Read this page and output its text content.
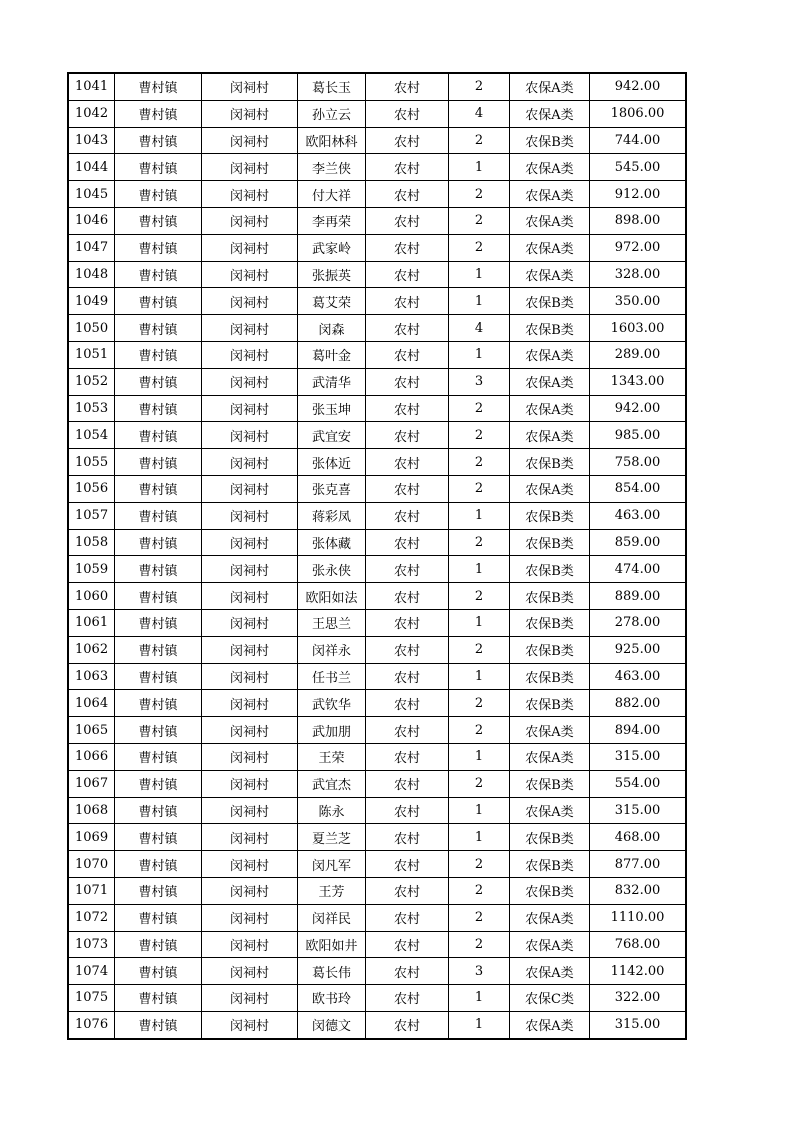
1041	曹村镇	闵祠村	葛长玉	农村	2	农保A类	942.00
1042	曹村镇	闵祠村	孙立云	农村	4	农保A类	1806.00
1043	曹村镇	闵祠村	欧阳林科	农村	2	农保B类	744.00
1044	曹村镇	闵祠村	李兰侠	农村	1	农保A类	545.00
1045	曹村镇	闵祠村	付大祥	农村	2	农保A类	912.00
1046	曹村镇	闵祠村	李再荣	农村	2	农保A类	898.00
1047	曹村镇	闵祠村	武家岭	农村	2	农保A类	972.00
1048	曹村镇	闵祠村	张振英	农村	1	农保A类	328.00
1049	曹村镇	闵祠村	葛艾荣	农村	1	农保B类	350.00
1050	曹村镇	闵祠村	闵森	农村	4	农保B类	1603.00
1051	曹村镇	闵祠村	葛叶金	农村	1	农保A类	289.00
1052	曹村镇	闵祠村	武清华	农村	3	农保A类	1343.00
1053	曹村镇	闵祠村	张玉坤	农村	2	农保A类	942.00
1054	曹村镇	闵祠村	武宜安	农村	2	农保A类	985.00
1055	曹村镇	闵祠村	张体近	农村	2	农保B类	758.00
1056	曹村镇	闵祠村	张克喜	农村	2	农保A类	854.00
1057	曹村镇	闵祠村	蒋彩凤	农村	1	农保B类	463.00
1058	曹村镇	闵祠村	张体藏	农村	2	农保B类	859.00
1059	曹村镇	闵祠村	张永侠	农村	1	农保B类	474.00
1060	曹村镇	闵祠村	欧阳如法	农村	2	农保B类	889.00
1061	曹村镇	闵祠村	王思兰	农村	1	农保B类	278.00
1062	曹村镇	闵祠村	闵祥永	农村	2	农保B类	925.00
1063	曹村镇	闵祠村	任书兰	农村	1	农保B类	463.00
1064	曹村镇	闵祠村	武钦华	农村	2	农保B类	882.00
1065	曹村镇	闵祠村	武加朋	农村	2	农保A类	894.00
1066	曹村镇	闵祠村	王荣	农村	1	农保A类	315.00
1067	曹村镇	闵祠村	武宜杰	农村	2	农保B类	554.00
1068	曹村镇	闵祠村	陈永	农村	1	农保A类	315.00
1069	曹村镇	闵祠村	夏兰芝	农村	1	农保B类	468.00
1070	曹村镇	闵祠村	闵凡军	农村	2	农保B类	877.00
1071	曹村镇	闵祠村	王芳	农村	2	农保B类	832.00
1072	曹村镇	闵祠村	闵祥民	农村	2	农保A类	1110.00
1073	曹村镇	闵祠村	欧阳如井	农村	2	农保A类	768.00
1074	曹村镇	闵祠村	葛长伟	农村	3	农保A类	1142.00
1075	曹村镇	闵祠村	欧书玲	农村	1	农保C类	322.00
1076	曹村镇	闵祠村	闵德文	农村	1	农保A类	315.00
